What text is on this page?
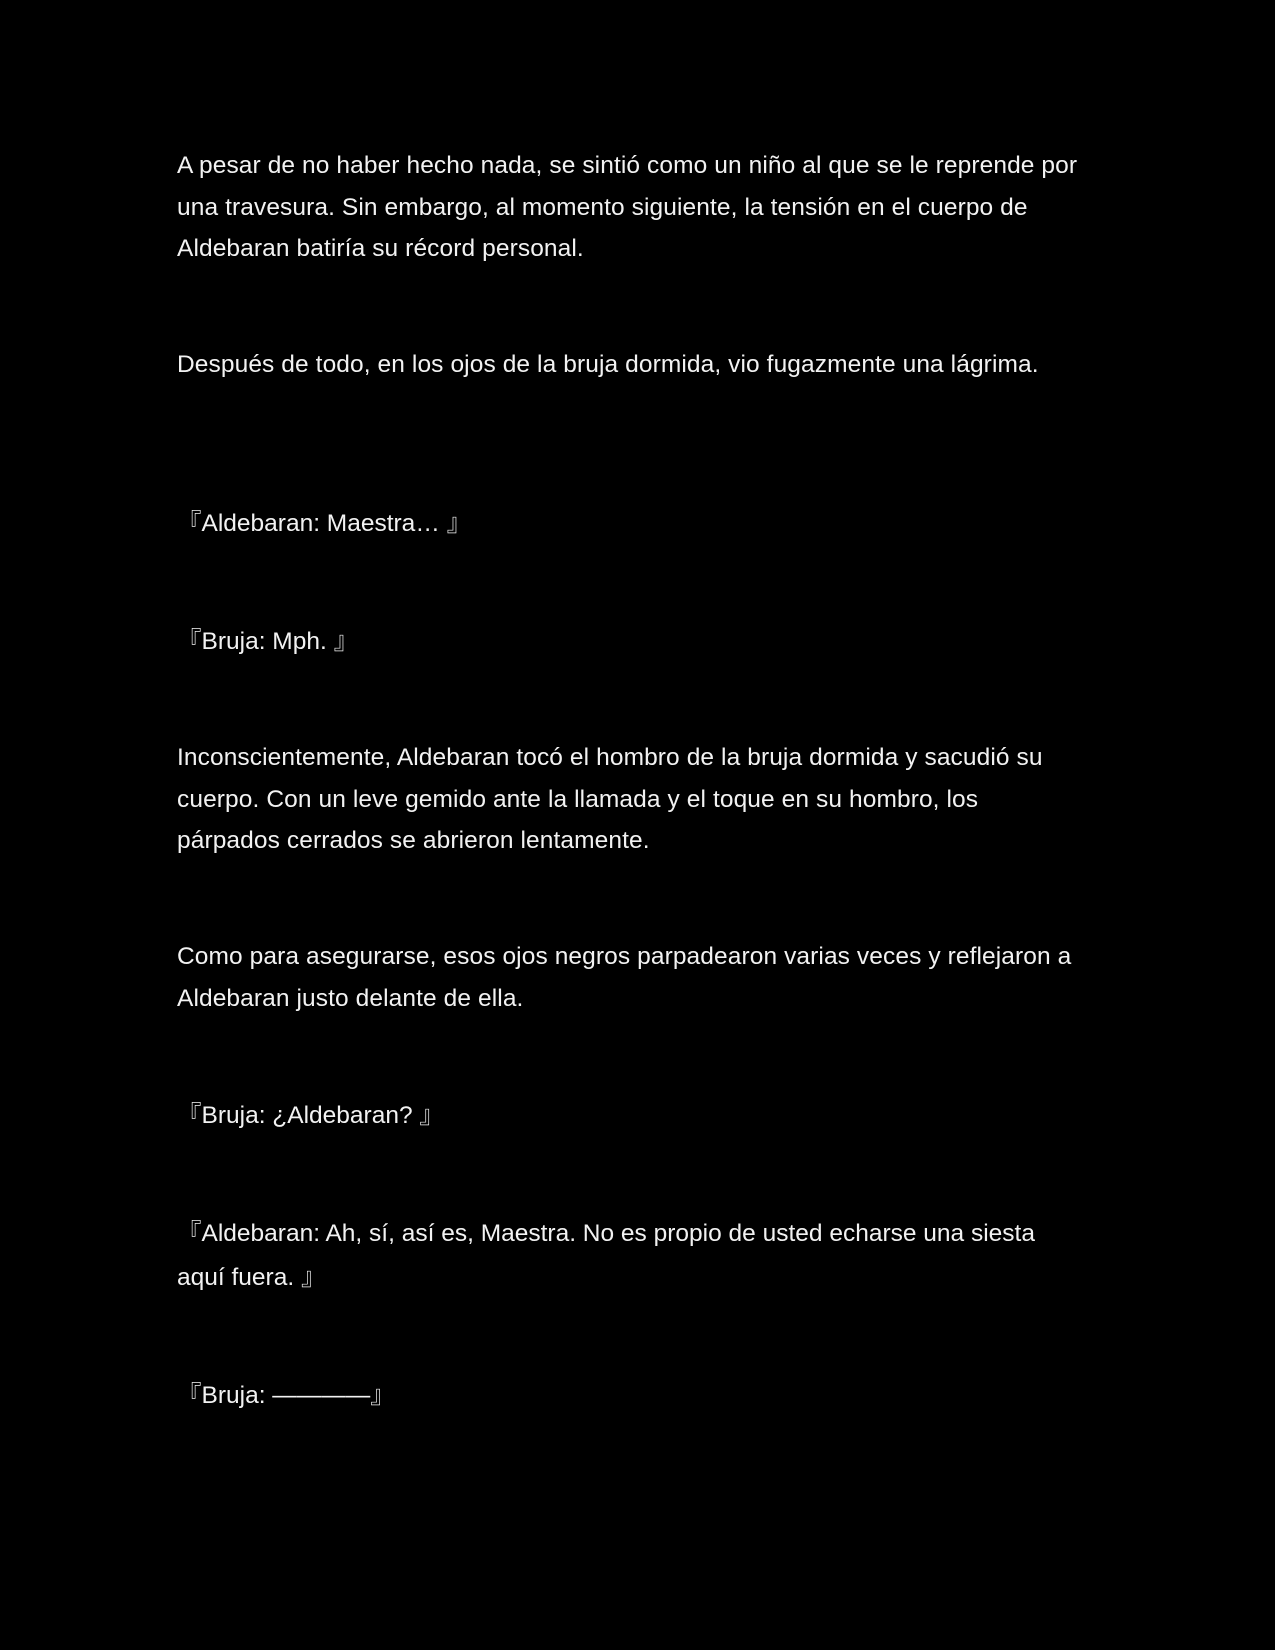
A pesar de no haber hecho nada, se sintió como un niño al que se le reprende por una travesura. Sin embargo, al momento siguiente, la tensión en el cuerpo de Aldebaran batiría su récord personal.

Después de todo, en los ojos de la bruja dormida, vio fugazmente una lágrima.

『Aldebaran: Maestra… 』

『Bruja: Mph. 』

Inconscientemente, Aldebaran tocó el hombro de la bruja dormida y sacudió su cuerpo. Con un leve gemido ante la llamada y el toque en su hombro, los párpados cerrados se abrieron lentamente.

Como para asegurarse, esos ojos negros parpadearon varias veces y reflejaron a Aldebaran justo delante de ella.

『Bruja: ¿Aldebaran? 』

『Aldebaran: Ah, sí, así es, Maestra. No es propio de usted echarse una siesta aquí fuera. 』

『Bruja: ————』
